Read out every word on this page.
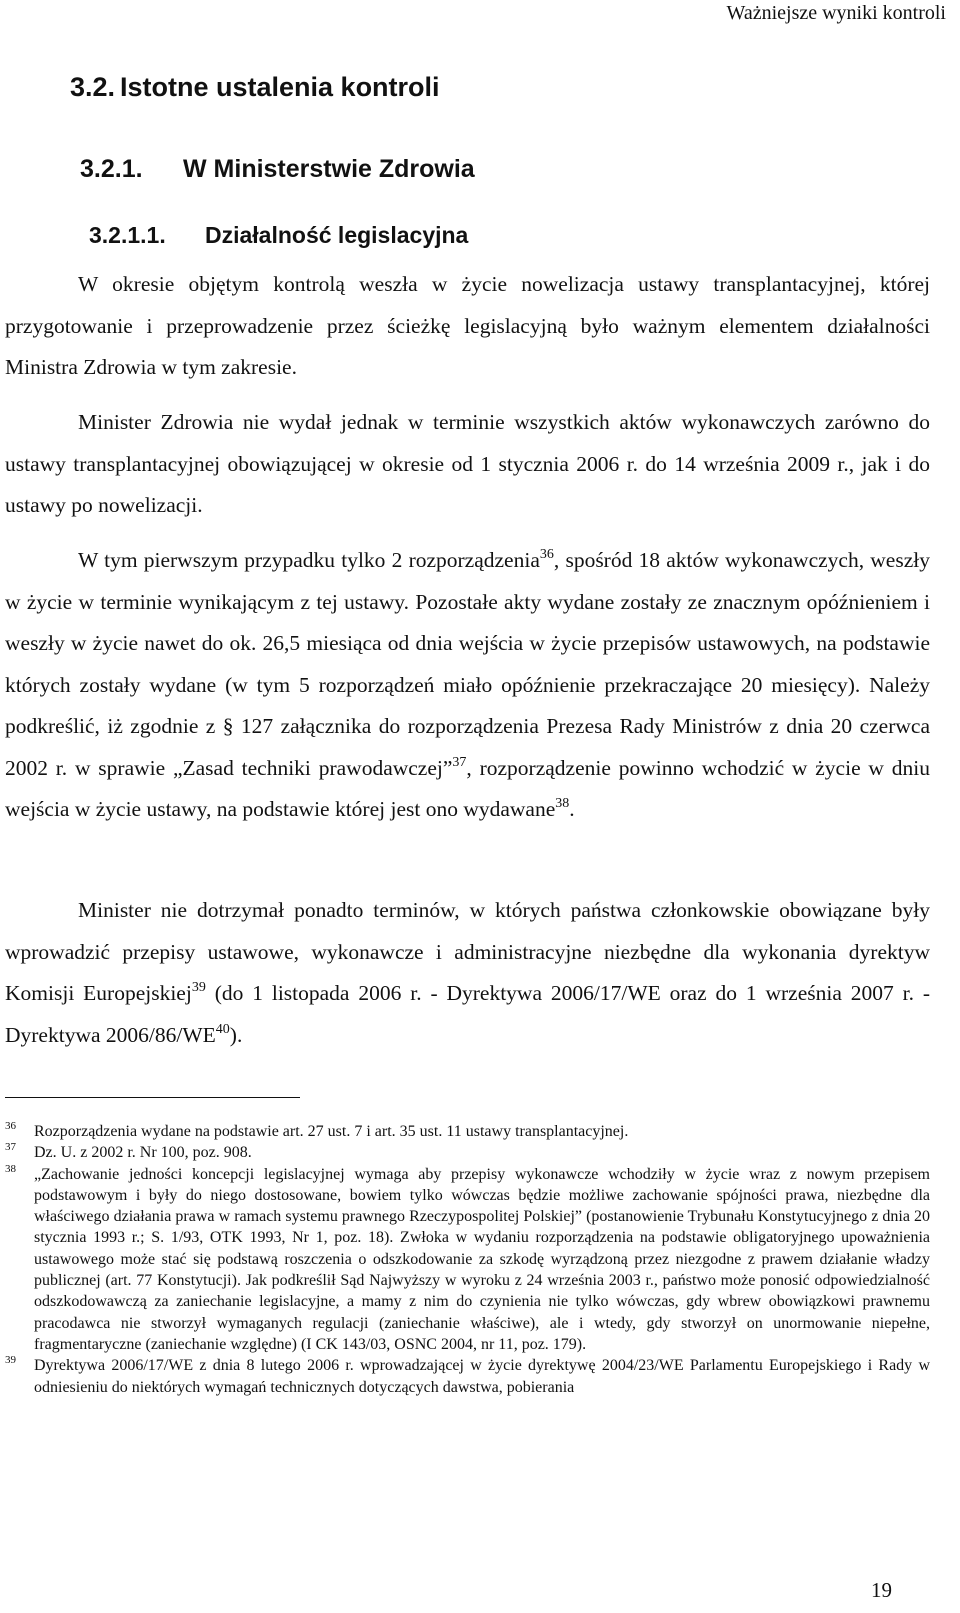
Ważniejsze wyniki kontroli
3.2. Istotne ustalenia kontroli
3.2.1. W Ministerstwie Zdrowia
3.2.1.1. Działalność legislacyjna

W okresie objętym kontrolą weszła w życie nowelizacja ustawy transplantacyjnej, której przygotowanie i przeprowadzenie przez ścieżkę legislacyjną było ważnym elementem działalności Ministra Zdrowia w tym zakresie.

Minister Zdrowia nie wydał jednak w terminie wszystkich aktów wykonawczych zarówno do ustawy transplantacyjnej obowiązującej w okresie od 1 stycznia 2006 r. do 14 września 2009 r., jak i do ustawy po nowelizacji.

W tym pierwszym przypadku tylko 2 rozporządzenia$^{36}$, spośród 18 aktów wykonawczych, weszły w życie w terminie wynikającym z tej ustawy. Pozostałe akty wydane zostały ze znacznym opóźnieniem i weszły w życie nawet do ok. 26,5 miesiąca od dnia wejścia w życie przepisów ustawowych, na podstawie których zostały wydane (w tym 5 rozporządzeń miało opóźnienie przekraczające 20 miesięcy). Należy podkreślić, iż zgodnie z § 127 załącznika do rozporządzenia Prezesa Rady Ministrów z dnia 20 czerwca 2002 r. w sprawie „Zasad techniki prawodawczej”$^{37}$, rozporządzenie powinno wchodzić w życie w dniu wejścia w życie ustawy, na podstawie której jest ono wydawane$^{38}$.

Minister nie dotrzymał ponadto terminów, w których państwa członkowskie obowiązane były wprowadzić przepisy ustawowe, wykonawcze i administracyjne niezbędne dla wykonania dyrektyw Komisji Europejskiej$^{39}$ (do 1 listopada 2006 r. - Dyrektywa 2006/17/WE oraz do 1 września 2007 r. - Dyrektywa 2006/86/WE$^{40}$).

36 Rozporządzenia wydane na podstawie art. 27 ust. 7 i art. 35 ust. 11 ustawy transplantacyjnej.

37 Dz. U. z 2002 r. Nr 100, poz. 908.

38 „Zachowanie jedności koncepcji legislacyjnej wymaga aby przepisy wykonawcze wchodziły w życie wraz z nowym przepisem podstawowym i były do niego dostosowane, bowiem tylko wówczas będzie możliwe zachowanie spójności prawa, niezbędne dla właściwego działania prawa w ramach systemu prawnego Rzeczypospolitej Polskiej” (postanowienie Trybunału Konstytucyjnego z dnia 20 stycznia 1993 r.; S. 1/93, OTK 1993, Nr 1, poz. 18). Zwłoka w wydaniu rozporządzenia na podstawie obligatoryjnego upoważnienia ustawowego może stać się podstawą roszczenia o odszkodowanie za szkodę wyrządzoną przez niezgodne z prawem działanie władzy publicznej (art. 77 Konstytucji). Jak podkreślił Sąd Najwyższy w wyroku z 24 września 2003 r., państwo może ponosić odpowiedzialność odszkodowawczą za zaniechanie legislacyjne, a mamy z nim do czynienia nie tylko wówczas, gdy wbrew obowiązkowi prawnemu pracodawca nie stworzył wymaganych regulacji (zaniechanie właściwe), ale i wtedy, gdy stworzył on unormowanie niepełne, fragmentaryczne (zaniechanie względne) (I CK 143/03, OSNC 2004, nr 11, poz. 179).

39 Dyrektywa 2006/17/WE z dnia 8 lutego 2006 r. wprowadzającej w życie dyrektywę 2004/23/WE Parlamentu Europejskiego i Rady w odniesieniu do niektórych wymagań technicznych dotyczących dawstwa, pobierania

19
